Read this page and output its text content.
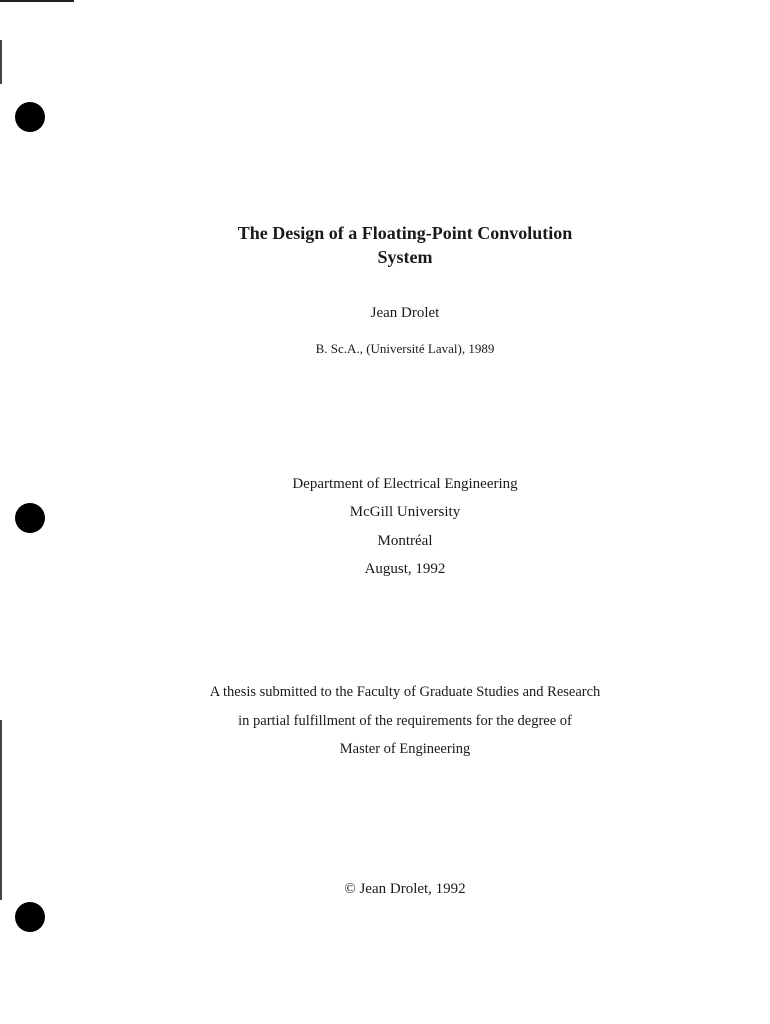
The Design of a Floating-Point Convolution
System
Jean Drolet
B. Sc.A., (Université Laval), 1989
Department of Electrical Engineering
McGill University
Montréal
August, 1992
A thesis submitted to the Faculty of Graduate Studies and Research
in partial fulfillment of the requirements for the degree of
Master of Engineering
© Jean Drolet, 1992
